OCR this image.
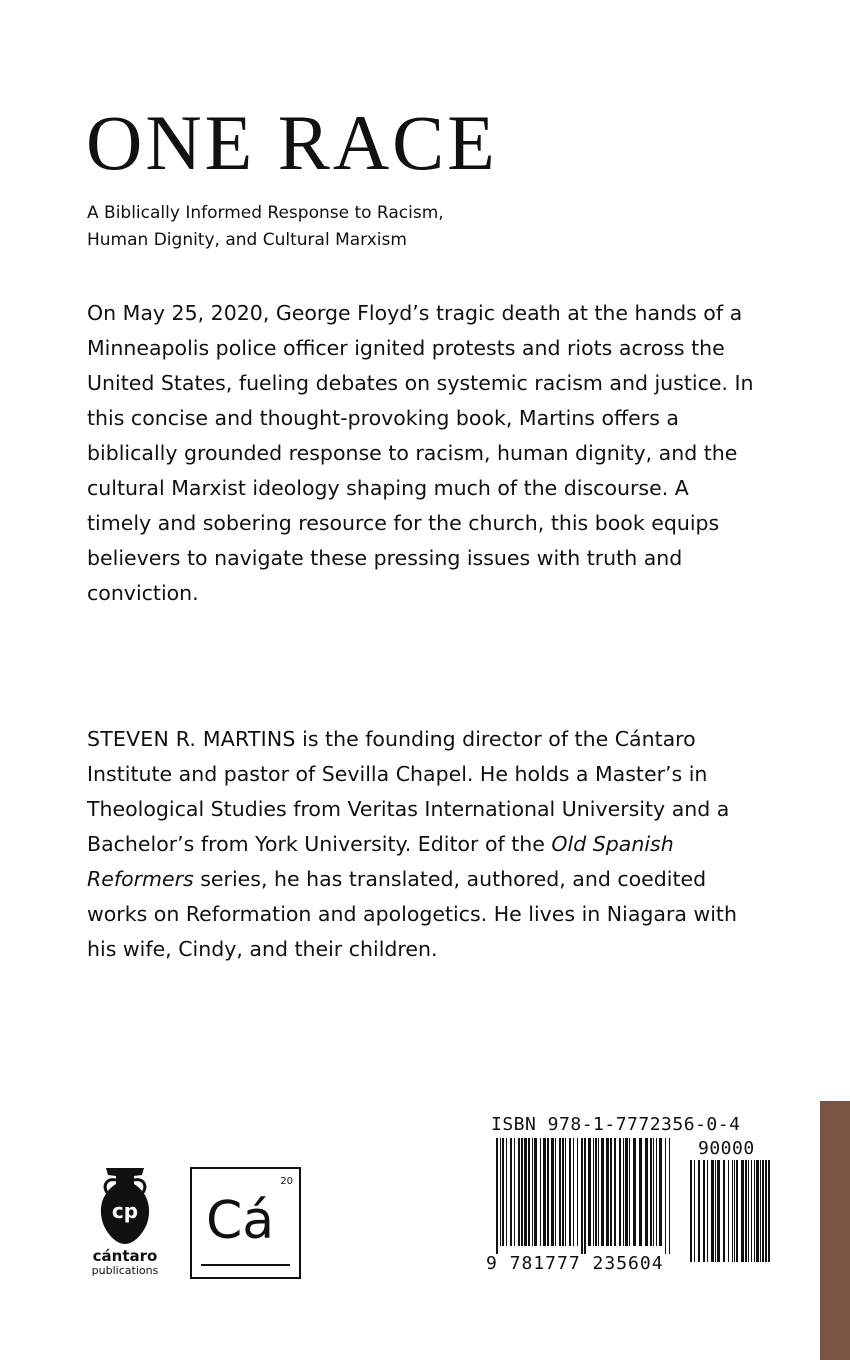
ONE RACE
A Biblically Informed Response to Racism,
Human Dignity, and Cultural Marxism
On May 25, 2020, George Floyd’s tragic death at the hands of a Minneapolis police officer ignited protests and riots across the United States, fueling debates on systemic racism and justice. In this concise and thought-provoking book, Martins offers a biblically grounded response to racism, human dignity, and the cultural Marxist ideology shaping much of the discourse. A timely and sobering resource for the church, this book equips believers to navigate these pressing issues with truth and conviction.
STEVEN R. MARTINS is the founding director of the Cántaro Institute and pastor of Sevilla Chapel. He holds a Master’s in Theological Studies from Veritas International University and a Bachelor’s from York University. Editor of the Old Spanish Reformers series, he has translated, authored, and coedited works on Reformation and apologetics. He lives in Niagara with his wife, Cindy, and their children.
cp
cántaro
publications
20
Cá
ISBN 978-1-7772356-0-4
90000
9 781777 235604
